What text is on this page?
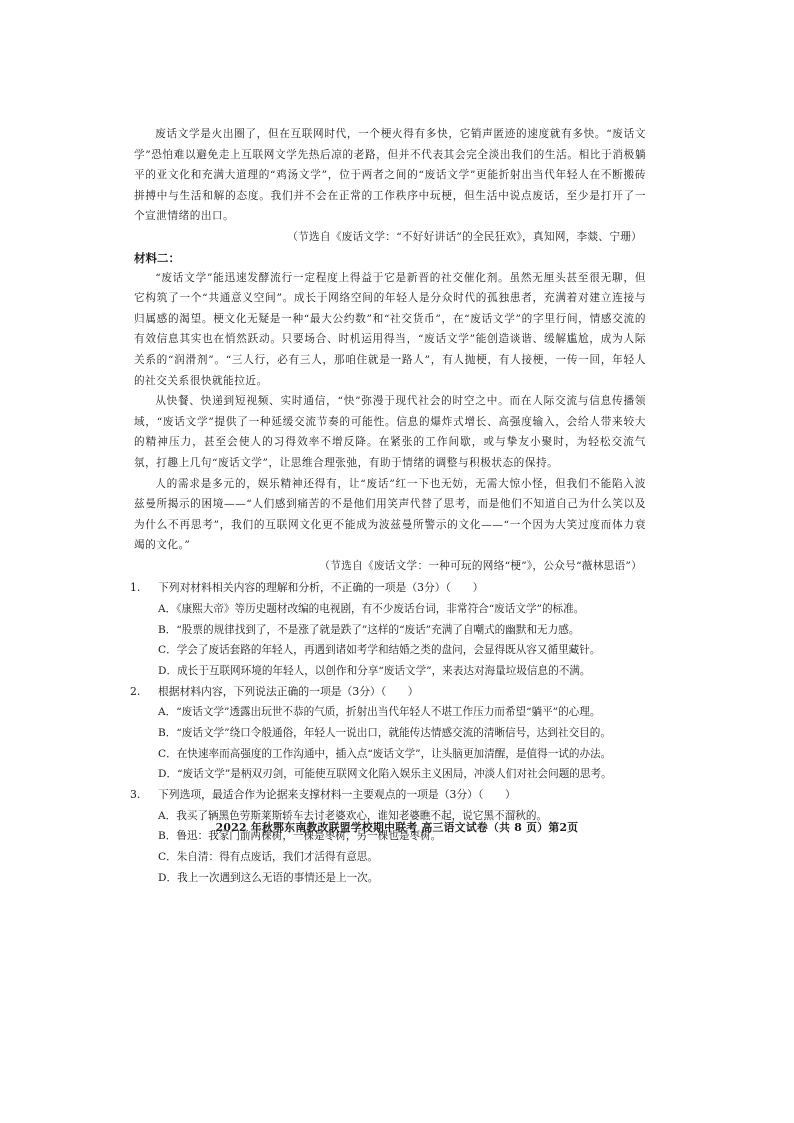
废话文学是火出圈了，但在互联网时代，一个梗火得有多快，它销声匿迹的速度就有多快。“废话文学”恐怕难以避免走上互联网文学先热后凉的老路，但并不代表其会完全淡出我们的生活。相比于消极躺平的亚文化和充满大道理的“鸡汤文学”，位于两者之间的“废话文学”更能折射出当代年轻人在不断搬砖拼搏中与生活和解的态度。我们并不会在正常的工作秩序中玩梗，但生活中说点废话，至少是打开了一个宣泄情绪的出口。

（节选自《废话文学：“不好好讲话”的全民狂欢》，真知网，李燚、宁珊）

材料二：

“废话文学”能迅速发酵流行一定程度上得益于它是新晋的社交催化剂。虽然无厘头甚至很无聊，但它构筑了一个“共通意义空间”。成长于网络空间的年轻人是分众时代的孤独患者，充满着对建立连接与归属感的渴望。梗文化无疑是一种“最大公约数”和“社交货币”，在“废话文学”的字里行间，情感交流的有效信息其实也在悄然跃动。只要场合、时机运用得当，“废话文学”能创造谈谐、缓解尴尬，成为人际关系的“润滑剂”。“三人行，必有三人，那咱住就是一路人”，有人抛梗，有人接梗，一传一回，年轻人的社交关系很快就能拉近。

从快餐、快递到短视频、实时通信，“快”弥漫于现代社会的时空之中。而在人际交流与信息传播领域，“废话文学”提供了一种延缓交流节奏的可能性。信息的爆炸式增长、高强度输入，会给人带来较大的精神压力，甚至会使人的习得效率不增反降。在紧张的工作间歇，或与挚友小聚时，为轻松交流气氛，打趣上几句“废话文学”，让思维合理张弛，有助于情绪的调整与积极状态的保持。

人的需求是多元的，娱乐精神还得有，让“废话”红一下也无妨，无需大惊小怪，但我们不能陷入波兹曼所揭示的困境——“人们感到痛苦的不是他们用笑声代替了思考，而是他们不知道自己为什么笑以及为什么不再思考”，我们的互联网文化更不能成为波兹曼所警示的文化——“一个因为大笑过度而体力衰竭的文化。”

（节选自《废话文学：一种可玩的网络“梗”》，公众号“薇林思语”）

1. 下列对材料相关内容的理解和分析，不正确的一项是（3分）（　　）

A．《康熙大帝》等历史题材改编的电视剧，有不少废话台词，非常符合“废话文学”的标准。

B．“股票的规律找到了，不是涨了就是跌了”这样的“废话”充满了自嘲式的幽默和无力感。

C．学会了废话套路的年轻人，再遇到诸如考学和结婚之类的盘问，会显得既从容又循里藏针。

D．成长于互联网环境的年轻人，以创作和分享“废话文学”，来表达对海量垃圾信息的不满。

2. 根据材料内容，下列说法正确的一项是（3分）（　　）

A．“废话文学”透露出玩世不恭的气质，折射出当代年轻人不堪工作压力而希望“躺平”的心理。

B．“废话文学”绕口令般通俗，年轻人一说出口，就能传达情感交流的清晰信号，达到社交目的。

C．在快速率而高强度的工作沟通中，插入点“废话文学”，让头脑更加清醒，是值得一试的办法。

D．“废话文学”是柄双刃剑，可能使互联网文化陷入娱乐主义困局，冲淡人们对社会问题的思考。

3. 下列选项，最适合作为论据来支撑材料一主要观点的一项是（3分）（　　）

A．我买了辆黑色劳斯莱斯轿车去讨老婆欢心，谁知老婆瞧不起，说它黑不溜秋的。

B．鲁迅：我家门前两棵树，一棵是枣树，另一棵也是枣树。

C．朱自清：得有点废话，我们才活得有意思。

D．我上一次遇到这么无语的事情还是上一次。

2022 年秋鄂东南教改联盟学校期中联考 高三语文试卷（共 8 页）第2页
